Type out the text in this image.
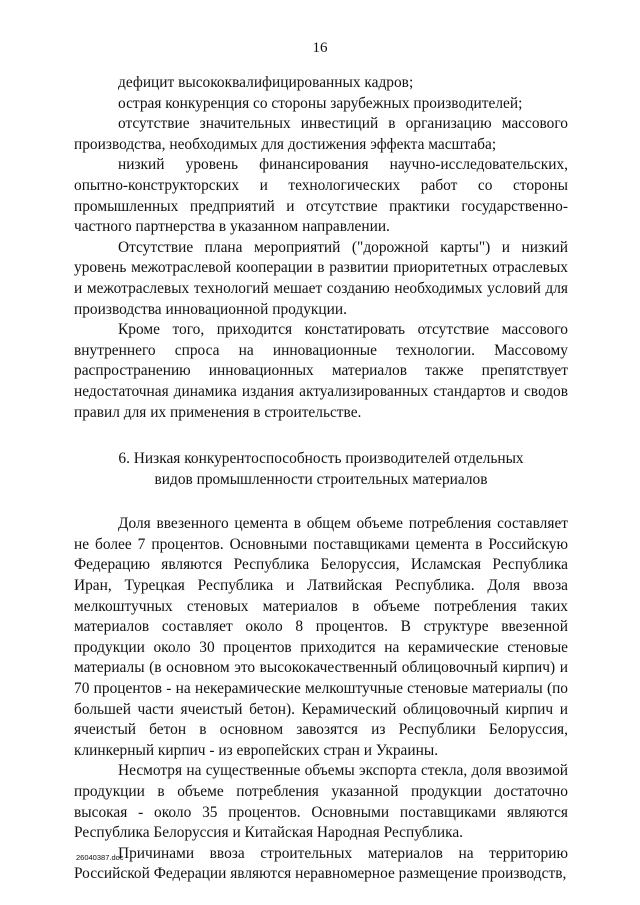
16

дефицит высококвалифицированных кадров;

острая конкуренция со стороны зарубежных производителей;

отсутствие значительных инвестиций в организацию массового производства, необходимых для достижения эффекта масштаба;

низкий уровень финансирования научно-исследовательских, опытно-конструкторских и технологических работ со стороны промышленных предприятий и отсутствие практики государственно-частного партнерства в указанном направлении.

Отсутствие плана мероприятий ("дорожной карты") и низкий уровень межотраслевой кооперации в развитии приоритетных отраслевых и межотраслевых технологий мешает созданию необходимых условий для производства инновационной продукции.

Кроме того, приходится констатировать отсутствие массового внутреннего спроса на инновационные технологии. Массовому распространению инновационных материалов также препятствует недостаточная динамика издания актуализированных стандартов и сводов правил для их применения в строительстве.

6. Низкая конкурентоспособность производителей отдельных
видов промышленности строительных материалов

Доля ввезенного цемента в общем объеме потребления составляет не более 7 процентов. Основными поставщиками цемента в Российскую Федерацию являются Республика Белоруссия, Исламская Республика Иран, Турецкая Республика и Латвийская Республика. Доля ввоза мелкоштучных стеновых материалов в объеме потребления таких материалов составляет около 8 процентов. В структуре ввезенной продукции около 30 процентов приходится на керамические стеновые материалы (в основном это высококачественный облицовочный кирпич) и 70 процентов - на некерамические мелкоштучные стеновые материалы (по большей части ячеистый бетон). Керамический облицовочный кирпич и ячеистый бетон в основном завозятся из Республики Белоруссия, клинкерный кирпич - из европейских стран и Украины.

Несмотря на существенные объемы экспорта стекла, доля ввозимой продукции в объеме потребления указанной продукции достаточно высокая - около 35 процентов. Основными поставщиками являются Республика Белоруссия и Китайская Народная Республика.

Причинами ввоза строительных материалов на территорию Российской Федерации являются неравномерное размещение производств,

26040387.doc
